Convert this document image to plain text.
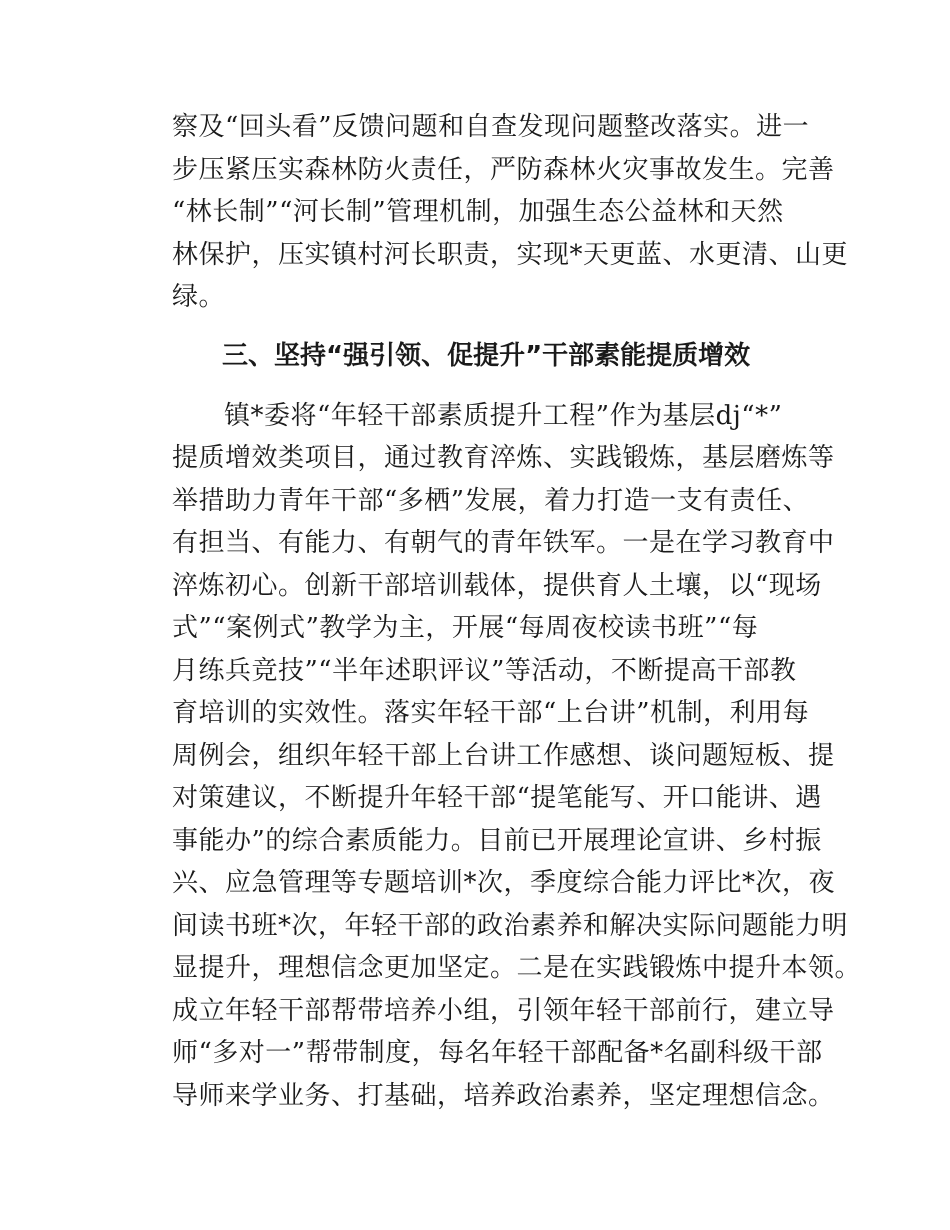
察及“回头看”反馈问题和自查发现问题整改落实。进一
步压紧压实森林防火责任，严防森林火灾事故发生。完善
“林长制”“河长制”管理机制，加强生态公益林和天然
林保护，压实镇村河长职责，实现*天更蓝、水更清、山更
绿。
三、坚持“强引领、促提升”干部素能提质增效
镇*委将“年轻干部素质提升工程”作为基层dj“*”
提质增效类项目，通过教育淬炼、实践锻炼，基层磨炼等
举措助力青年干部“多栖”发展，着力打造一支有责任、
有担当、有能力、有朝气的青年铁军。一是在学习教育中
淬炼初心。创新干部培训载体，提供育人土壤，以“现场
式”“案例式”教学为主，开展“每周夜校读书班”“每
月练兵竞技”“半年述职评议”等活动，不断提高干部教
育培训的实效性。落实年轻干部“上台讲”机制，利用每
周例会，组织年轻干部上台讲工作感想、谈问题短板、提
对策建议，不断提升年轻干部“提笔能写、开口能讲、遇
事能办”的综合素质能力。目前已开展理论宣讲、乡村振
兴、应急管理等专题培训*次，季度综合能力评比*次，夜
间读书班*次，年轻干部的政治素养和解决实际问题能力明
显提升，理想信念更加坚定。二是在实践锻炼中提升本领。
成立年轻干部帮带培养小组，引领年轻干部前行，建立导
师“多对一”帮带制度，每名年轻干部配备*名副科级干部
导师来学业务、打基础，培养政治素养，坚定理想信念。
